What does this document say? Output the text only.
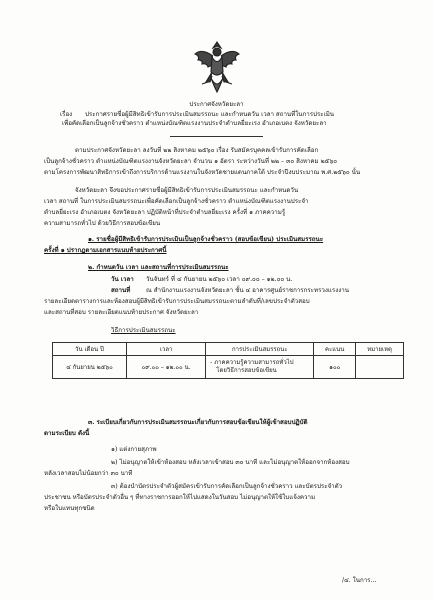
ประกาศจังหวัดยะลา
เรื่อง ประกาศรายชื่อผู้มีสิทธิเข้ารับการประเมินสมรรถนะ และกำหนดวัน เวลา สถานที่ในการประเมิน
เพื่อคัดเลือกเป็นลูกจ้างชั่วคราว ตำแหน่งบัณฑิตแรงงานประจำตำบลยี่ยะเรง อำเภอเบตง จังหวัดยะลา
ตามประกาศจังหวัดยะลา ลงวันที่ ๒๒ สิงหาคม ๒๕๖๐ เรื่อง รับสมัครบุคคลเข้ารับการคัดเลือก
เป็นลูกจ้างชั่วคราว ตำแหน่งบัณฑิตแรงงานจังหวัดยะลา จำนวน ๑ อัตรา ระหว่างวันที่ ๒๒ – ๓๐ สิงหาคม ๒๕๖๐
ตามโครงการพัฒนาสิทธิการเข้าถึงการบริการด้านแรงงานในจังหวัดชายแดนภาคใต้ ประจำปีงบประมาณ พ.ศ.๒๕๖๐ นั้น
จังหวัดยะลา จึงขอประกาศรายชื่อผู้มีสิทธิเข้ารับการประเมินสมรรถนะ และกำหนดวัน
เวลา สถานที่ ในการประเมินสมรรถนะเพื่อคัดเลือกเป็นลูกจ้างชั่วคราว ตำแหน่งบัณฑิตแรงงานประจำ
ตำบลยี่ยะเรง อำเภอเบตง จังหวัดยะลา ปฏิบัติหน้าที่ประจำตำบลยี่ยะเรง ครั้งที่ ๑ ภาคความรู้
ความสามารถทั่วไป ด้วยวิธีการสอบข้อเขียน
๑. รายชื่อผู้มีสิทธิเข้ารับการประเมินเป็นลูกจ้างชั่วคราว (สอบข้อเขียน) ประเมินสมรรถนะ
ครั้งที่ ๑ ปรากฏตามเอกสารแนบท้ายประกาศนี้
๒. กำหนดวัน เวลา และสถานที่การประเมินสมรรถนะ
วัน เวลา วันจันทร์ ที่ ๔ กันยายน ๒๕๖๐ เวลา ๐๙.๐๐ – ๑๒.๐๐ น.
สถานที่	ณ สำนักงานแรงงานจังหวัดยะลา ชั้น ๔ อาคารศูนย์ราชการกระทรวงแรงงาน
รายละเอียดตารางการและห้องสอบผู้มีสิทธิเข้ารับการประเมินสมรรถนะตามลำดับที่/เลขประจำตัวสอบ
และสถานที่สอบ รายละเอียดแนบท้ายประกาศ จังหวัดยะลา
วิธีการประเมินสมรรถนะ
วัน เดือน ปี	เวลา	การประเมินสมรรถนะ	คะแนน	หมายเหตุ
๔ กันยายน ๒๕๖๐	๐๙.๐๐ – ๑๒.๐๐ น.	- ภาคความรู้ความสามารถทั่วไป
โดยวิธีการสอบข้อเขียน	๑๐๐	
๓. ระเบียบเกี่ยวกับการประเมินสมรรถนะเกี่ยวกับการสอบข้อเขียนให้ผู้เข้าสอบปฏิบัติ
ตามระเบียบ ดังนี้
๑) แต่งกายสุภาพ
๒) ไม่อนุญาตให้เข้าห้องสอบ หลังเวลาเข้าสอบ ๓๐ นาที และไม่อนุญาตให้ออกจากห้องสอบ
หลังเวลาสอบไม่น้อยกว่า ๓๐ นาที
๓) ต้องนำบัตรประจำตัวผู้สมัครเข้ารับการคัดเลือกเป็นลูกจ้างชั่วคราว และบัตรประจำตัว
ประชาชน หรือบัตรประจำตัวอื่น ๆ ที่ทางราชการออกให้ไปแสดงในวันสอบ ไม่อนุญาตให้ใช้ใบแจ้งความ
หรือใบแทนทุกชนิด
/๔. ในการ...
